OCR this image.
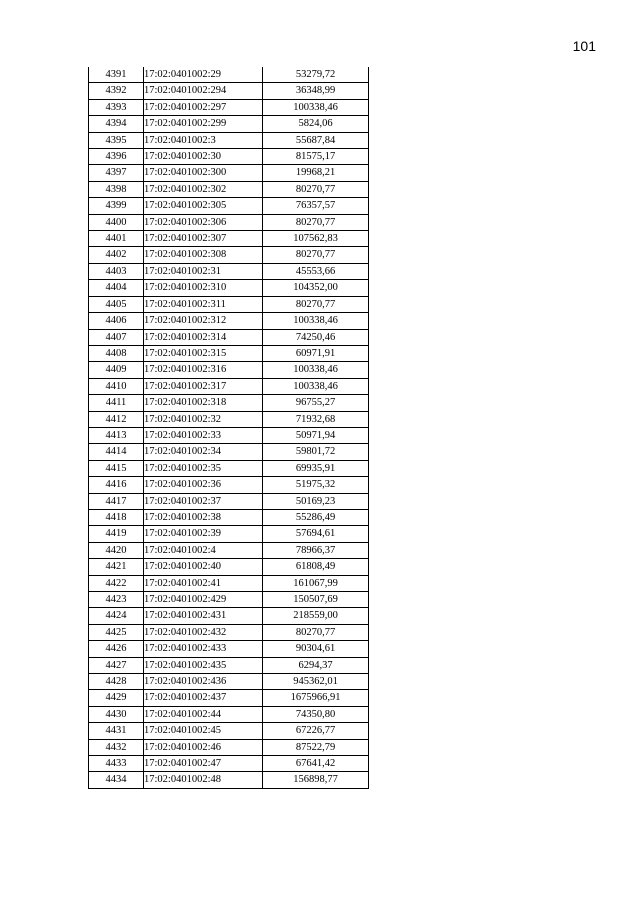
101
4391	17:02:0401002:29	53279,72
4392	17:02:0401002:294	36348,99
4393	17:02:0401002:297	100338,46
4394	17:02:0401002:299	5824,06
4395	17:02:0401002:3	55687,84
4396	17:02:0401002:30	81575,17
4397	17:02:0401002:300	19968,21
4398	17:02:0401002:302	80270,77
4399	17:02:0401002:305	76357,57
4400	17:02:0401002:306	80270,77
4401	17:02:0401002:307	107562,83
4402	17:02:0401002:308	80270,77
4403	17:02:0401002:31	45553,66
4404	17:02:0401002:310	104352,00
4405	17:02:0401002:311	80270,77
4406	17:02:0401002:312	100338,46
4407	17:02:0401002:314	74250,46
4408	17:02:0401002:315	60971,91
4409	17:02:0401002:316	100338,46
4410	17:02:0401002:317	100338,46
4411	17:02:0401002:318	96755,27
4412	17:02:0401002:32	71932,68
4413	17:02:0401002:33	50971,94
4414	17:02:0401002:34	59801,72
4415	17:02:0401002:35	69935,91
4416	17:02:0401002:36	51975,32
4417	17:02:0401002:37	50169,23
4418	17:02:0401002:38	55286,49
4419	17:02:0401002:39	57694,61
4420	17:02:0401002:4	78966,37
4421	17:02:0401002:40	61808,49
4422	17:02:0401002:41	161067,99
4423	17:02:0401002:429	150507,69
4424	17:02:0401002:431	218559,00
4425	17:02:0401002:432	80270,77
4426	17:02:0401002:433	90304,61
4427	17:02:0401002:435	6294,37
4428	17:02:0401002:436	945362,01
4429	17:02:0401002:437	1675966,91
4430	17:02:0401002:44	74350,80
4431	17:02:0401002:45	67226,77
4432	17:02:0401002:46	87522,79
4433	17:02:0401002:47	67641,42
4434	17:02:0401002:48	156898,77
